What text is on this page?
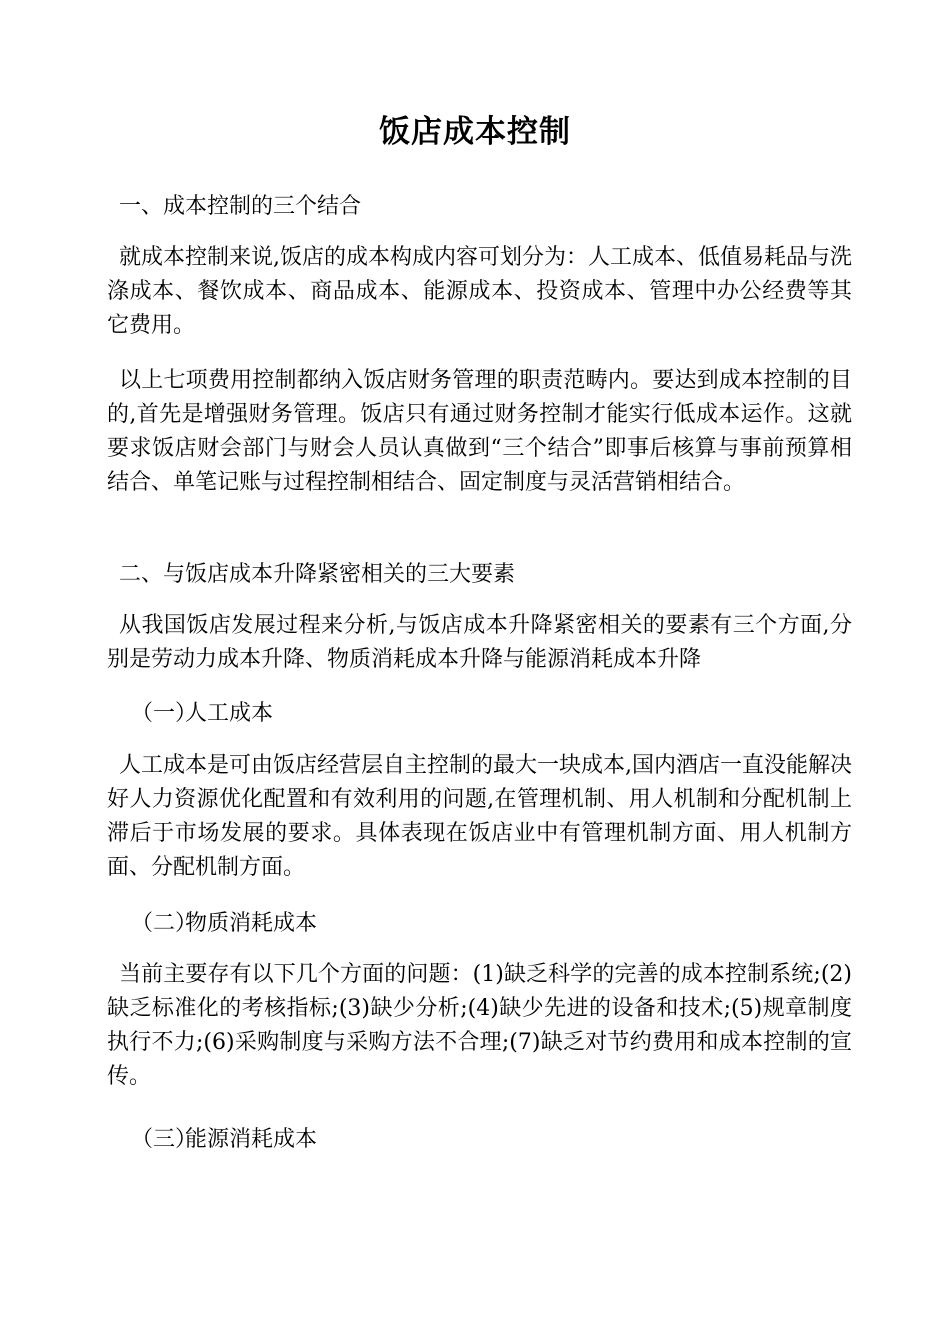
饭店成本控制

一、成本控制的三个结合

就成本控制来说,饭店的成本构成内容可划分为：人工成本、低值易耗品与洗涤成本、餐饮成本、商品成本、能源成本、投资成本、管理中办公经费等其它费用。

以上七项费用控制都纳入饭店财务管理的职责范畴内。要达到成本控制的目的,首先是增强财务管理。饭店只有通过财务控制才能实行低成本运作。这就要求饭店财会部门与财会人员认真做到“三个结合”即事后核算与事前预算相结合、单笔记账与过程控制相结合、固定制度与灵活营销相结合。

二、与饭店成本升降紧密相关的三大要素

从我国饭店发展过程来分析,与饭店成本升降紧密相关的要素有三个方面,分别是劳动力成本升降、物质消耗成本升降与能源消耗成本升降

（一）人工成本

人工成本是可由饭店经营层自主控制的最大一块成本,国内酒店一直没能解决好人力资源优化配置和有效利用的问题,在管理机制、用人机制和分配机制上滞后于市场发展的要求。具体表现在饭店业中有管理机制方面、用人机制方面、分配机制方面。

（二）物质消耗成本

当前主要存有以下几个方面的问题：(1)缺乏科学的完善的成本控制系统;(2)缺乏标准化的考核指标;(3)缺少分析;(4)缺少先进的设备和技术;(5)规章制度执行不力;(6)采购制度与采购方法不合理;(7)缺乏对节约费用和成本控制的宣传。

（三）能源消耗成本
